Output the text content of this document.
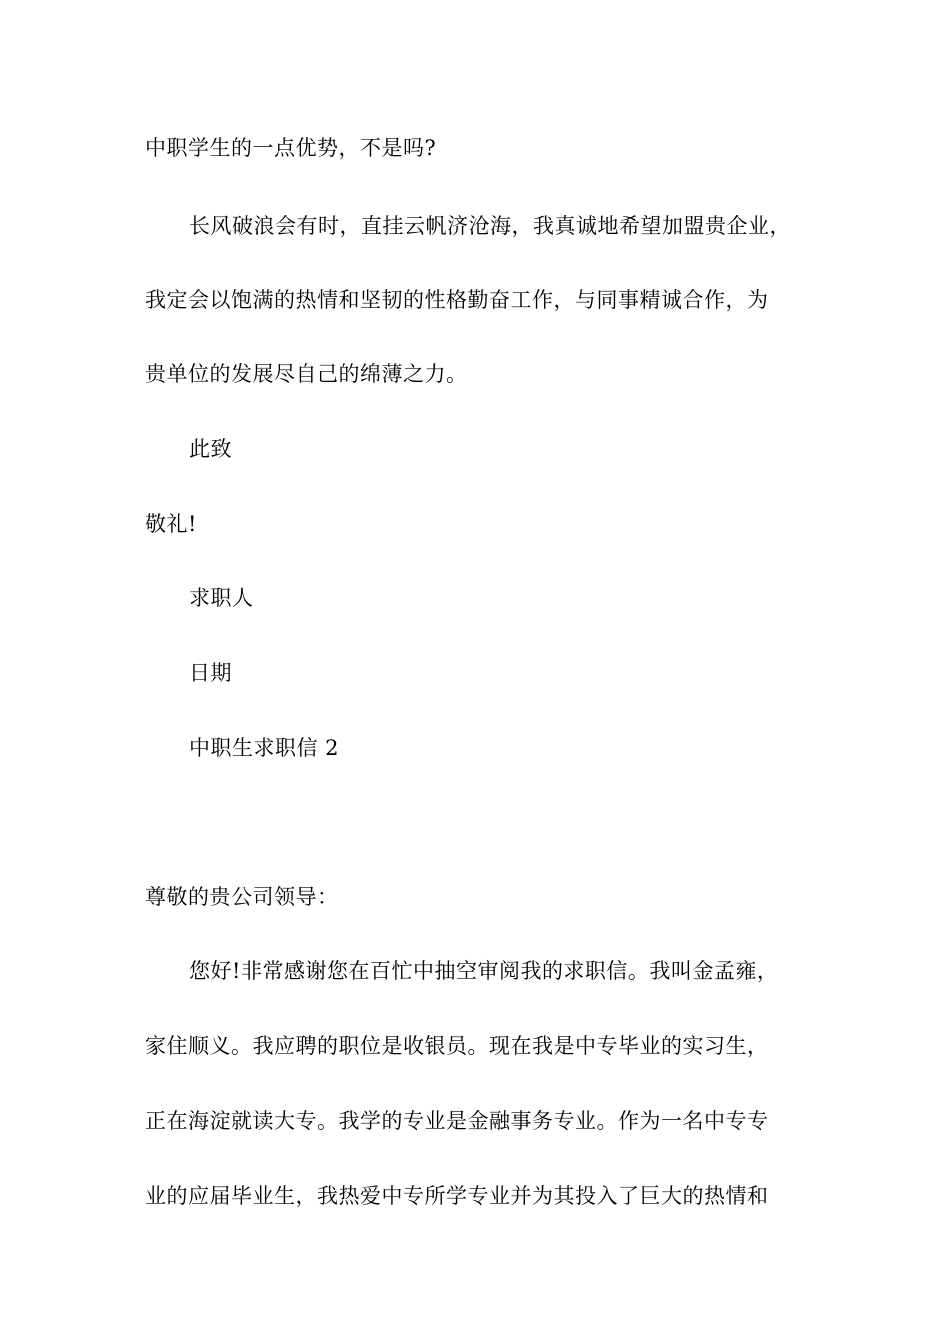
中职学生的一点优势，不是吗?
长风破浪会有时，直挂云帆济沧海，我真诚地希望加盟贵企业，
我定会以饱满的热情和坚韧的性格勤奋工作，与同事精诚合作，为
贵单位的发展尽自己的绵薄之力。
此致
敬礼!
求职人
日期
中职生求职信 2
尊敬的贵公司领导：
您好!非常感谢您在百忙中抽空审阅我的求职信。我叫金孟雍，
家住顺义。我应聘的职位是收银员。现在我是中专毕业的实习生，
正在海淀就读大专。我学的专业是金融事务专业。作为一名中专专
业的应届毕业生，我热爱中专所学专业并为其投入了巨大的热情和
